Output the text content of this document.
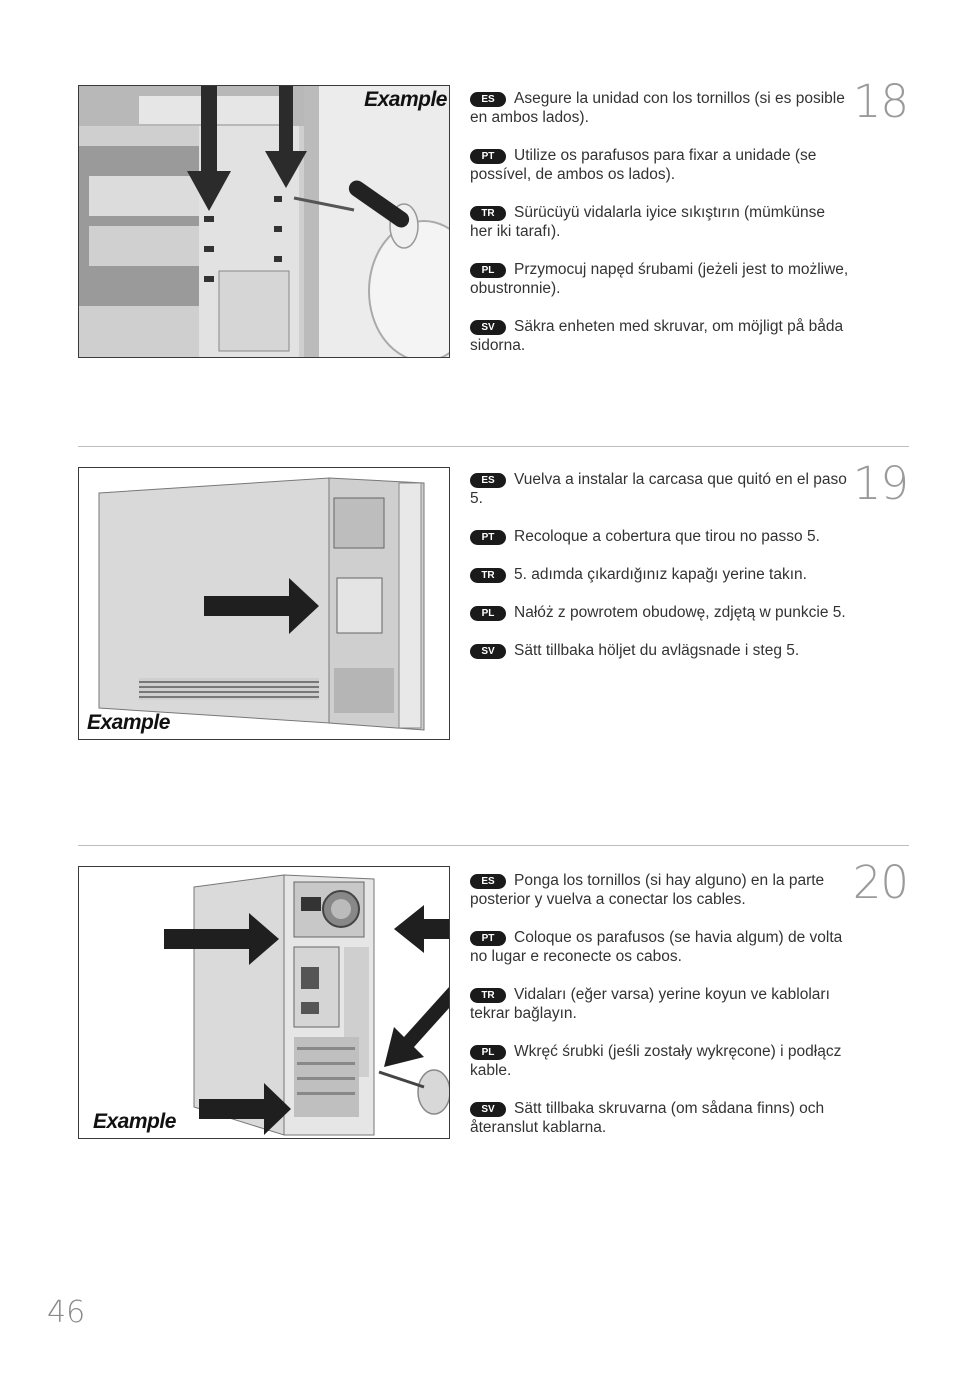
Example	ES Asegure la unidad con los tornillos (si es posible en ambos lados).
PT Utilize os parafusos para fixar a unidade (se possível, de ambos os lados).
TR Sürücüyü vidalarla iyice sıkıştırın (mümkünse her iki tarafı).
PL Przymocuj napęd śrubami (jeżeli jest to możliwe, obustronnie).
SV Säkra enheten med skruvar, om möjligt på båda sidorna.
18
Example
ES Vuelva a instalar la carcasa que quitó en el paso 5.
PT Recoloque a cobertura que tirou no passo 5.
TR 5. adımda çıkardığınız kapağı yerine takın.
PL Nałóż z powrotem obudowę, zdjętą w punkcie 5.
SV Sätt tillbaka höljet du avlägsnade i steg 5.
19
Example
ES Ponga los tornillos (si hay alguno) en la parte posterior y vuelva a conectar los cables.
PT Coloque os parafusos (se havia algum) de volta no lugar e reconecte os cabos.
TR Vidaları (eğer varsa) yerine koyun ve kabloları tekrar bağlayın.
PL Wkręć śrubki (jeśli zostały wykręcone) i podłącz kable.
SV Sätt tillbaka skruvarna (om sådana finns) och återanslut kablarna.
20
46
